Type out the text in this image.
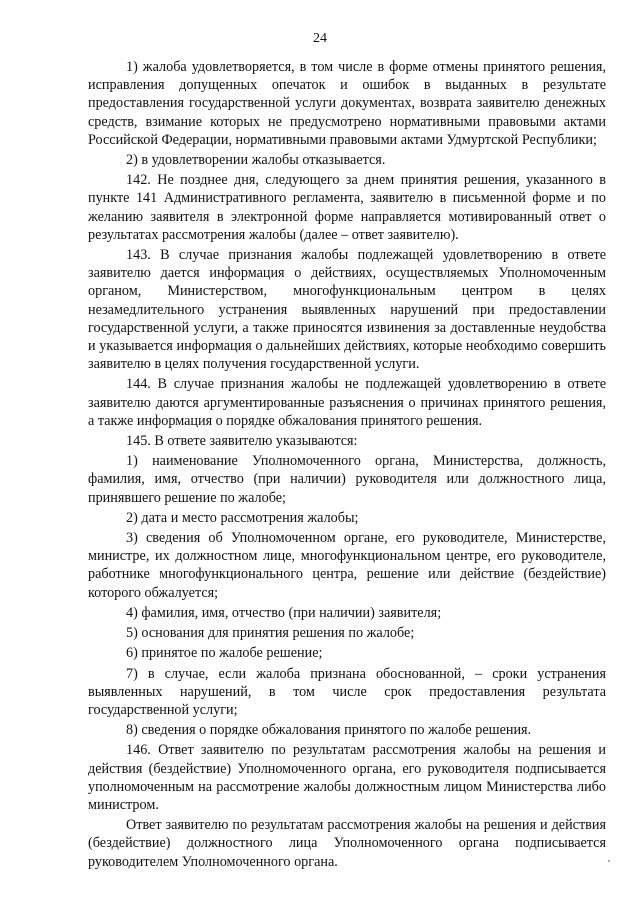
24

1) жалоба удовлетворяется, в том числе в форме отмены принятого решения, исправления допущенных опечаток и ошибок в выданных в результате предоставления государственной услуги документах, возврата заявителю денежных средств, взимание которых не предусмотрено нормативными правовыми актами Российской Федерации, нормативными правовыми актами Удмуртской Республики;

2) в удовлетворении жалобы отказывается.

142. Не позднее дня, следующего за днем принятия решения, указанного в пункте 141 Административного регламента, заявителю в письменной форме и по желанию заявителя в электронной форме направляется мотивированный ответ о результатах рассмотрения жалобы (далее – ответ заявителю).

143. В случае признания жалобы подлежащей удовлетворению в ответе заявителю дается информация о действиях, осуществляемых Уполномоченным органом, Министерством, многофункциональным центром в целях незамедлительного устранения выявленных нарушений при предоставлении государственной услуги, а также приносятся извинения за доставленные неудобства и указывается информация о дальнейших действиях, которые необходимо совершить заявителю в целях получения государственной услуги.

144. В случае признания жалобы не подлежащей удовлетворению в ответе заявителю даются аргументированные разъяснения о причинах принятого решения, а также информация о порядке обжалования принятого решения.

145. В ответе заявителю указываются:

1) наименование Уполномоченного органа, Министерства, должность, фамилия, имя, отчество (при наличии) руководителя или должностного лица, принявшего решение по жалобе;

2) дата и место рассмотрения жалобы;

3) сведения об Уполномоченном органе, его руководителе, Министерстве, министре, их должностном лице, многофункциональном центре, его руководителе, работнике многофункционального центра, решение или действие (бездействие) которого обжалуется;

4) фамилия, имя, отчество (при наличии) заявителя;

5) основания для принятия решения по жалобе;

6) принятое по жалобе решение;

7) в случае, если жалоба признана обоснованной, – сроки устранения выявленных нарушений, в том числе срок предоставления результата государственной услуги;

8) сведения о порядке обжалования принятого по жалобе решения.

146. Ответ заявителю по результатам рассмотрения жалобы на решения и действия (бездействие) Уполномоченного органа, его руководителя подписывается уполномоченным на рассмотрение жалобы должностным лицом Министерства либо министром.

Ответ заявителю по результатам рассмотрения жалобы на решения и действия (бездействие) должностного лица Уполномоченного органа подписывается руководителем Уполномоченного органа.
